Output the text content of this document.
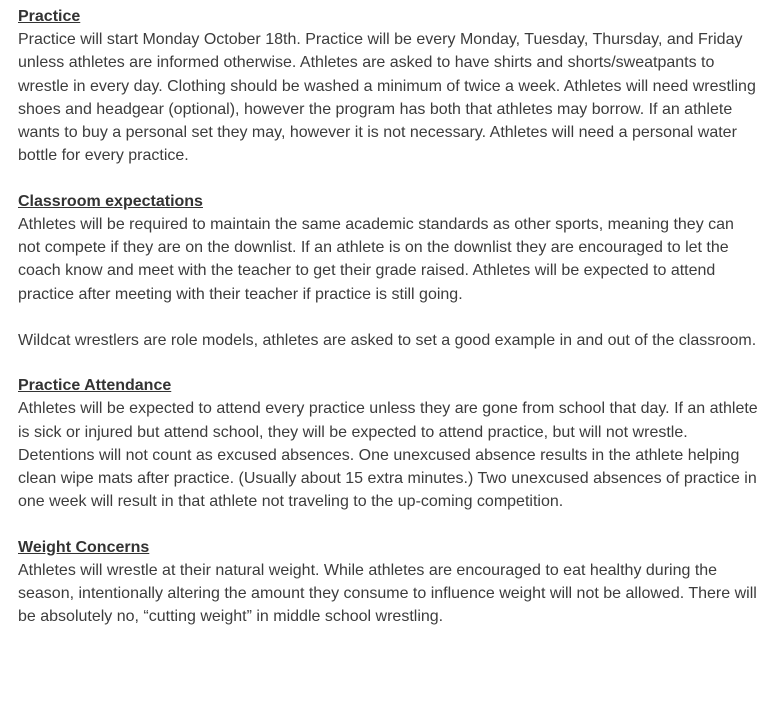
Practice

Practice will start Monday October 18th. Practice will be every Monday, Tuesday, Thursday, and Friday unless athletes are informed otherwise. Athletes are asked to have shirts and shorts/sweatpants to wrestle in every day. Clothing should be washed a minimum of twice a week. Athletes will need wrestling shoes and headgear (optional), however the program has both that athletes may borrow. If an athlete wants to buy a personal set they may, however it is not necessary. Athletes will need a personal water bottle for every practice.

Classroom expectations

Athletes will be required to maintain the same academic standards as other sports, meaning they can not compete if they are on the downlist. If an athlete is on the downlist they are encouraged to let the coach know and meet with the teacher to get their grade raised. Athletes will be expected to attend practice after meeting with their teacher if practice is still going.

Wildcat wrestlers are role models, athletes are asked to set a good example in and out of the classroom.

Practice Attendance

Athletes will be expected to attend every practice unless they are gone from school that day. If an athlete is sick or injured but attend school, they will be expected to attend practice, but will not wrestle. Detentions will not count as excused absences. One unexcused absence results in the athlete helping clean wipe mats after practice. (Usually about 15 extra minutes.) Two unexcused absences of practice in one week will result in that athlete not traveling to the up-coming competition.

Weight Concerns

Athletes will wrestle at their natural weight. While athletes are encouraged to eat healthy during the season, intentionally altering the amount they consume to influence weight will not be allowed. There will be absolutely no, “cutting weight” in middle school wrestling.
